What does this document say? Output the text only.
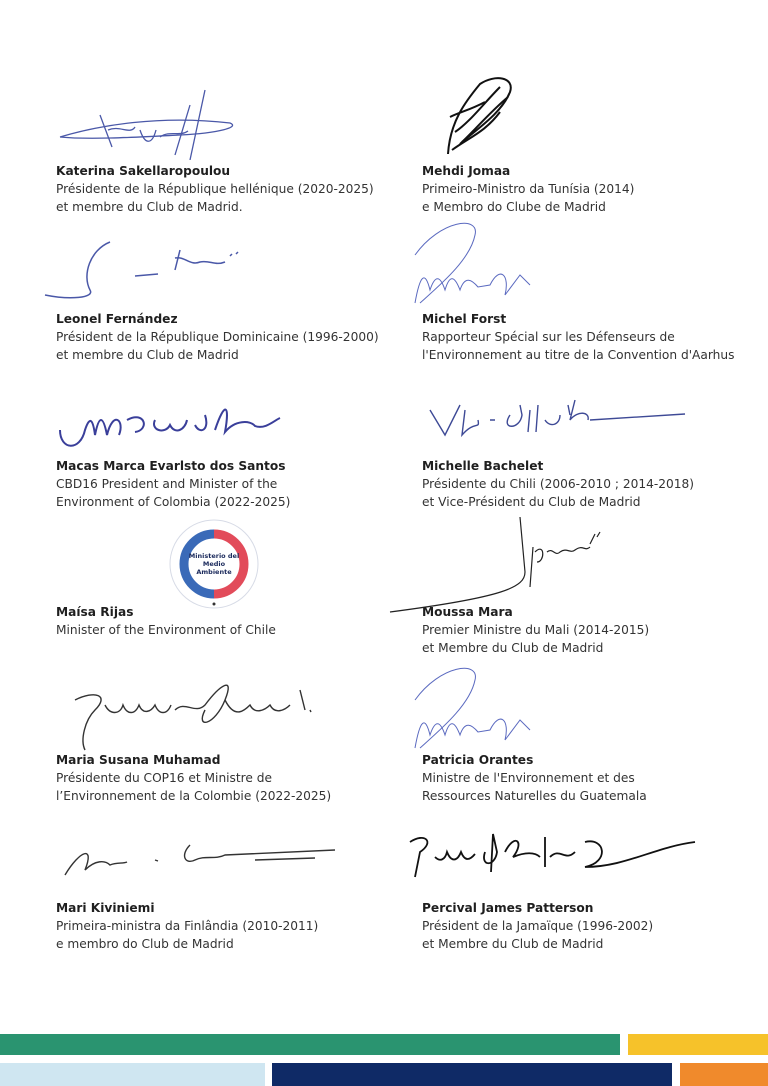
Ministerio del
Medio
Ambiente
Katerina Sakellaropoulou
Présidente de la République hellénique (2020-2025)
et membre du Club de Madrid.
Mehdi Jomaa
Primeiro-Ministro da Tunísia (2014)
e Membro do Clube de Madrid
Leonel Fernández
Président de la République Dominicaine (1996-2000)
et membre du Club de Madrid
Michel Forst
Rapporteur Spécial sur les Défenseurs de
l'Environnement au titre de la Convention d'Aarhus
Macas Marca Evarlsto dos Santos
CBD16 President and Minister of the
Environment of Colombia (2022-2025)
Michelle Bachelet
Présidente du Chili (2006-2010 ; 2014-2018)
et Vice-Président du Club de Madrid
Maísa Rijas
Minister of the Environment of Chile
Moussa Mara
Premier Ministre du Mali (2014-2015)
et Membre du Club de Madrid
Maria Susana Muhamad
Présidente du COP16 et Ministre de
l’Environnement de la Colombie (2022-2025)
Patricia Orantes
Ministre de l'Environnement et des
Ressources Naturelles du Guatemala
Mari Kiviniemi
Primeira-ministra da Finlândia (2010-2011)
e membro do Club de Madrid
Percival James Patterson
Président de la Jamaïque (1996-2002)
et Membre du Club de Madrid
